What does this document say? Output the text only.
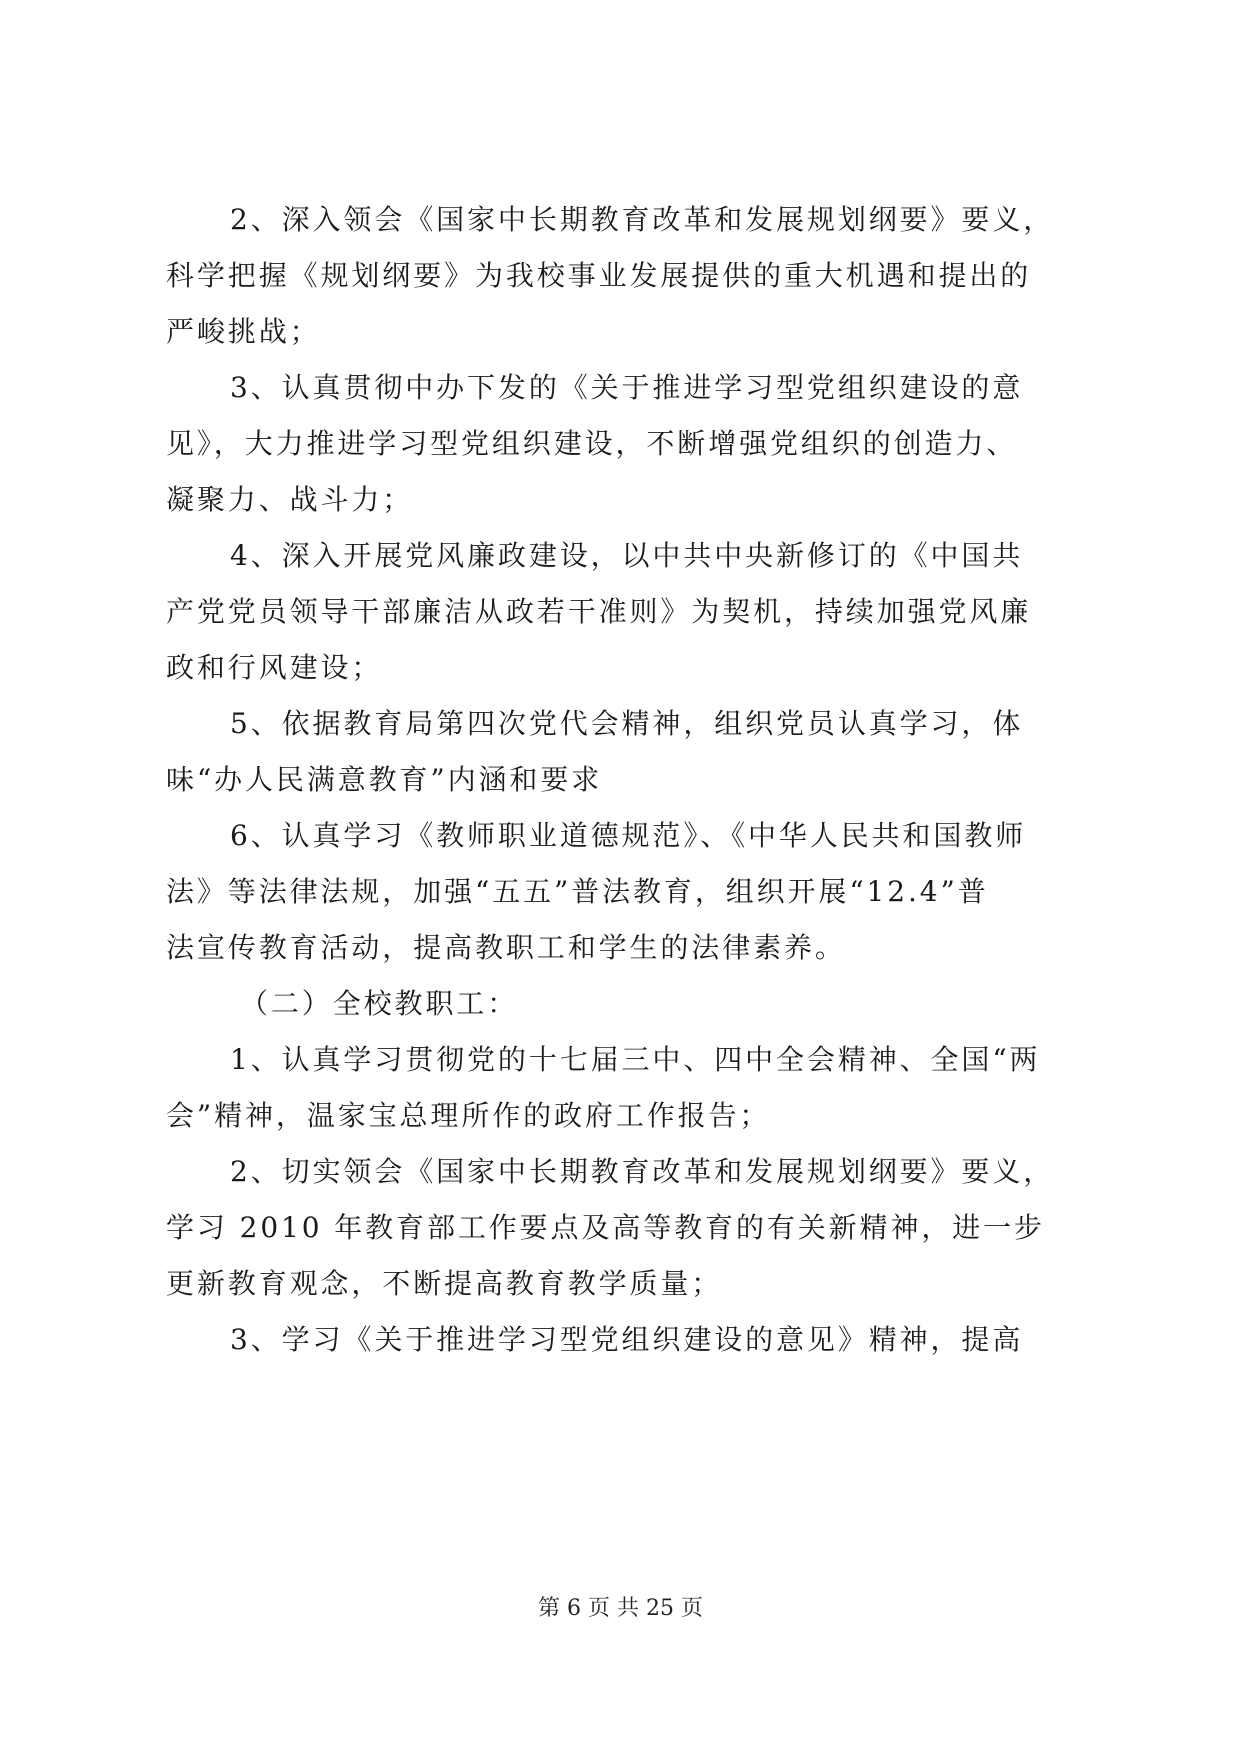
2、深入领会《国家中长期教育改革和发展规划纲要》要义，
科学把握《规划纲要》为我校事业发展提供的重大机遇和提出的
严峻挑战；
3、认真贯彻中办下发的《关于推进学习型党组织建设的意
见》，大力推进学习型党组织建设，不断增强党组织的创造力、
凝聚力、战斗力；
4、深入开展党风廉政建设，以中共中央新修订的《中国共
产党党员领导干部廉洁从政若干准则》为契机，持续加强党风廉
政和行风建设；
5、依据教育局第四次党代会精神，组织党员认真学习，体
味“办人民满意教育”内涵和要求
6、认真学习《教师职业道德规范》、《中华人民共和国教师
法》等法律法规，加强“五五”普法教育，组织开展“12.4”普
法宣传教育活动，提高教职工和学生的法律素养。
（二）全校教职工：
1、认真学习贯彻党的十七届三中、四中全会精神、全国“两
会”精神，温家宝总理所作的政府工作报告；
2、切实领会《国家中长期教育改革和发展规划纲要》要义，
学习 2010 年教育部工作要点及高等教育的有关新精神，进一步
更新教育观念，不断提高教育教学质量；
3、学习《关于推进学习型党组织建设的意见》精神，提高
第 6 页 共 25 页
